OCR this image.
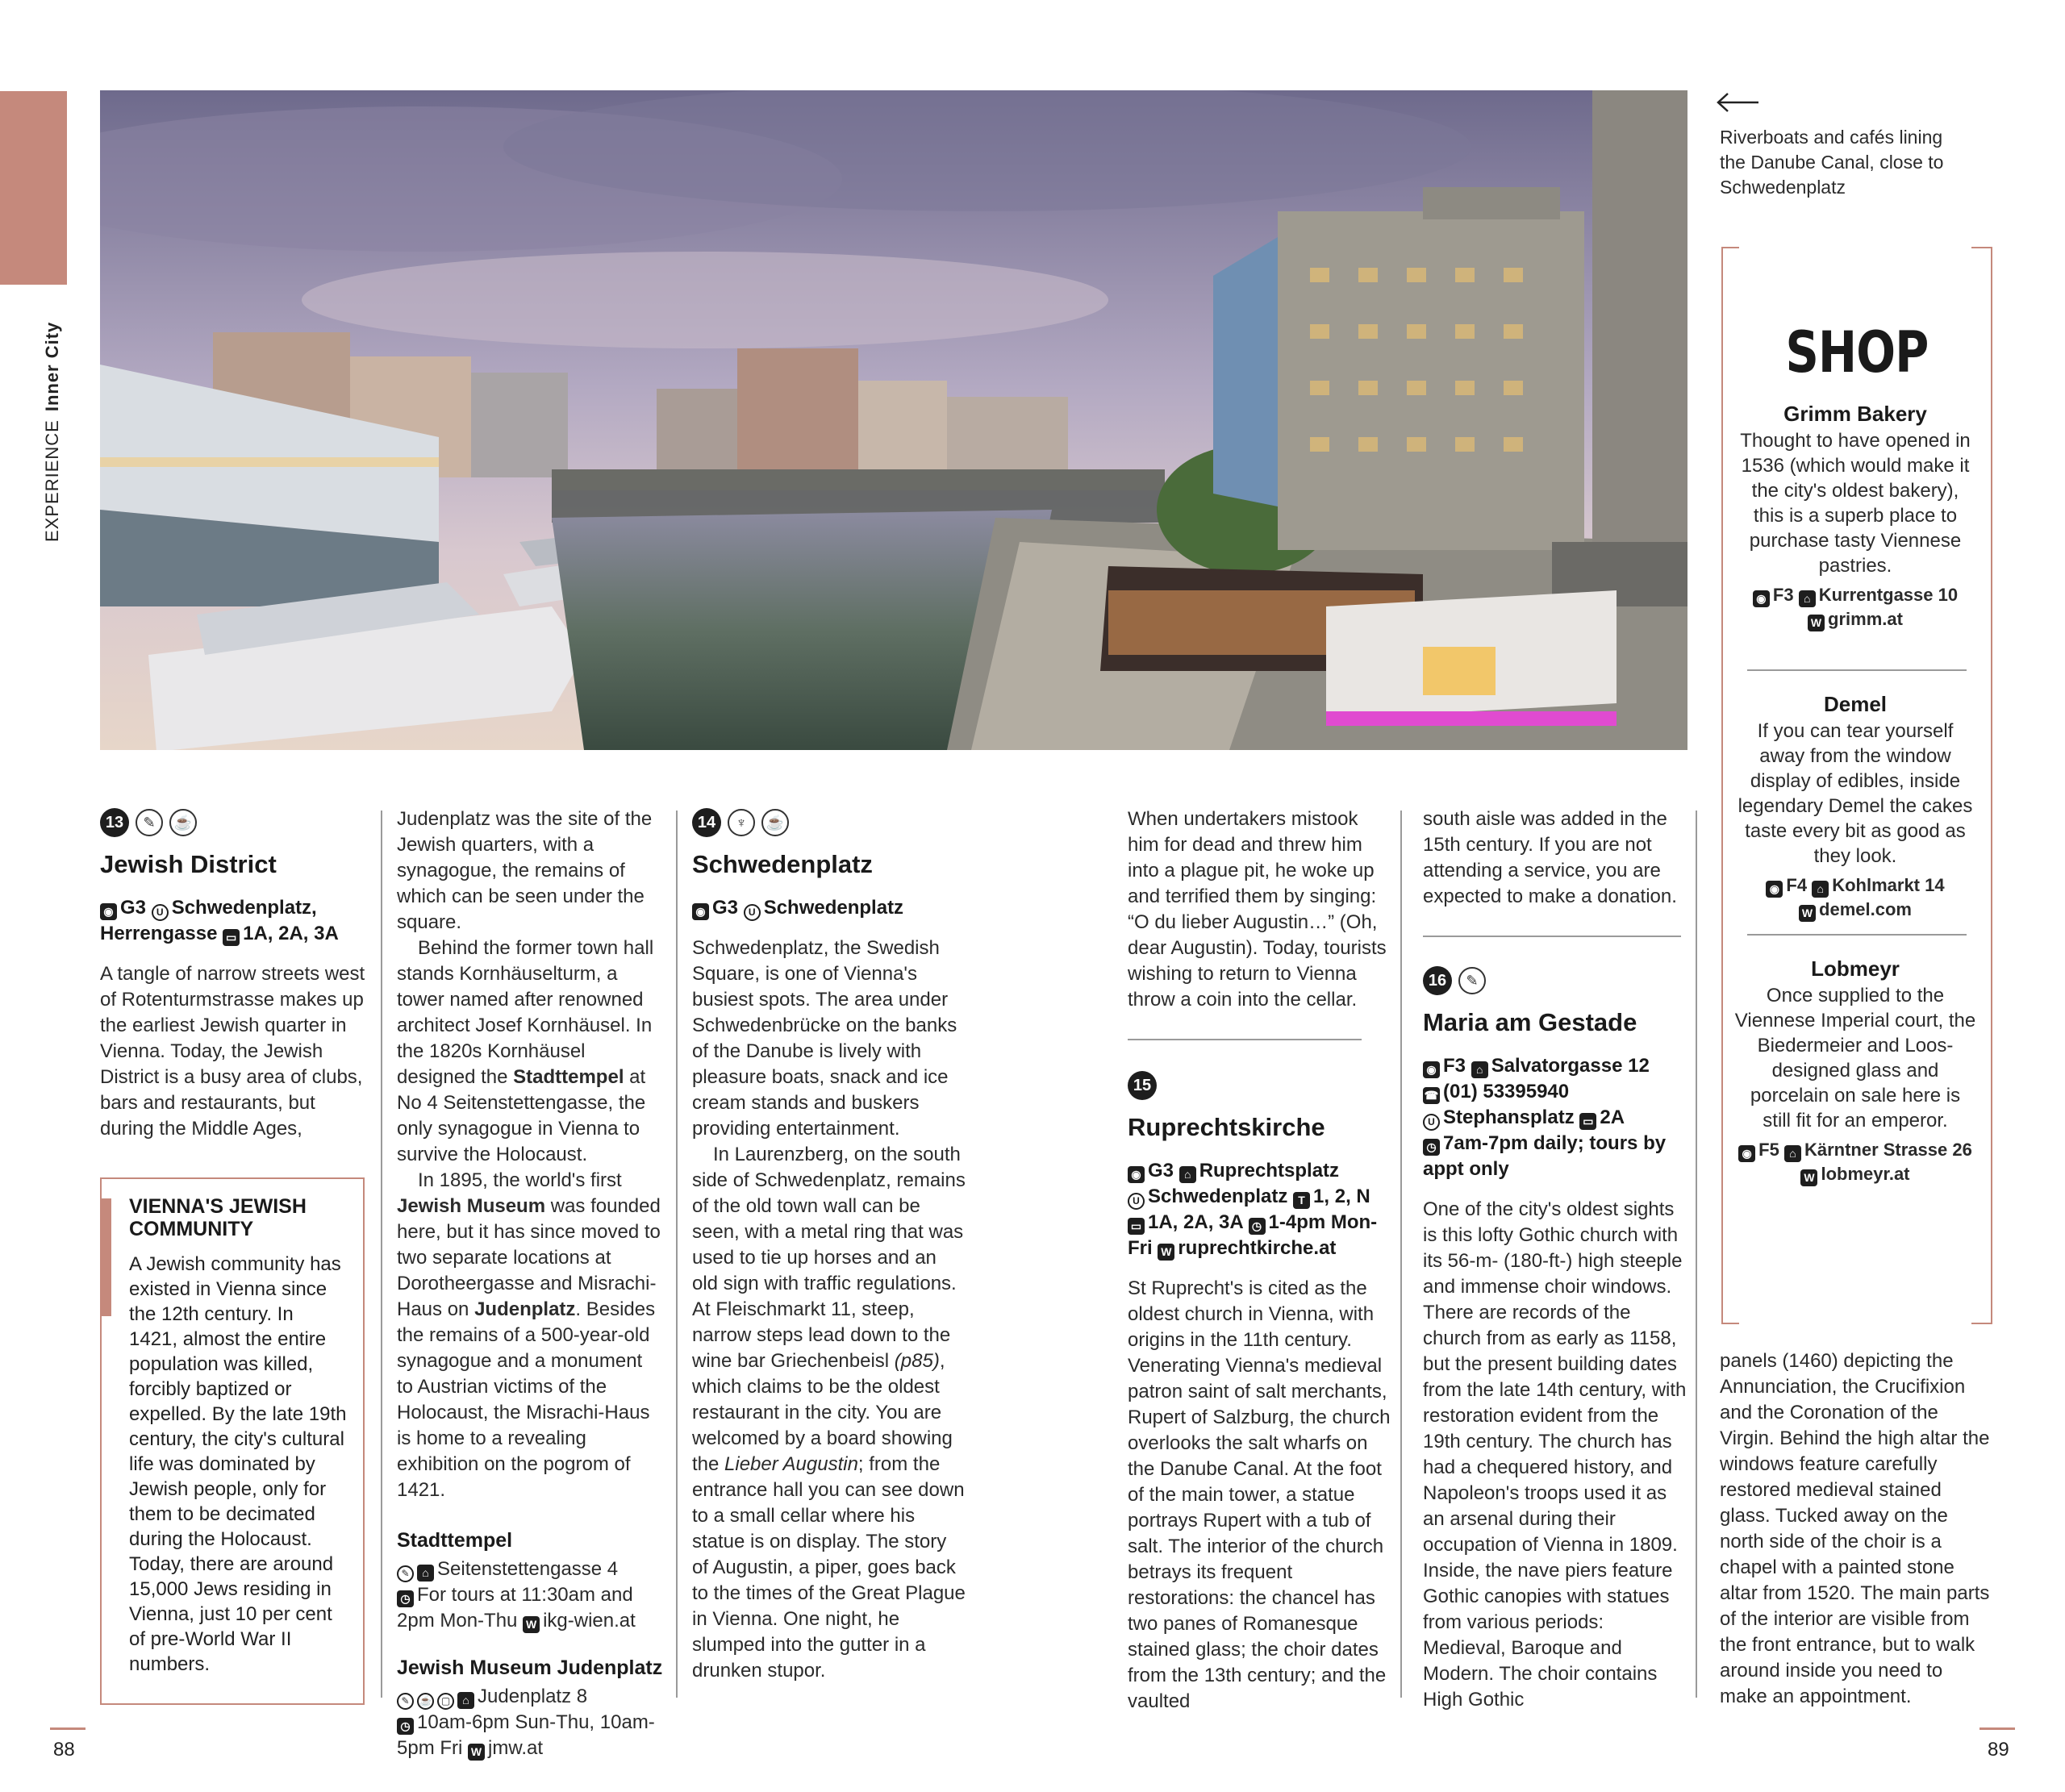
EXPERIENCEInner City
Riverboats and cafés lining the Danube Canal, close to Schwedenplatz
13	✎	☕
Jewish District
◉ G3 U Schwedenplatz, Herrengasse ▭ 1A, 2A, 3A

A tangle of narrow streets west of Rotenturmstrasse makes up the earliest Jewish quarter in Vienna. Today, the Jewish District is a busy area of clubs, bars and restaurants, but during the Middle Ages,

VIENNA'S JEWISH COMMUNITY
A Jewish community has existed in Vienna since the 12th century. In 1421, almost the entire population was killed, forcibly baptized or expelled. By the late 19th century, the city's cultural life was dominated by Jewish people, only for them to be decimated during the Holocaust. Today, there are around 15,000 Jews residing in Vienna, just 10 per cent of pre-World War II numbers.

Judenplatz was the site of the Jewish quarters, with a synagogue, the remains of which can be seen under the square.

Behind the former town hall stands Kornhäuselturm, a tower named after renowned architect Josef Kornhäusel. In the 1820s Kornhäusel designed the Stadttempel at No 4 Seitenstettengasse, the only synagogue in Vienna to survive the Holocaust.

In 1895, the world's first Jewish Museum was founded here, but it has since moved to two separate locations at Dorotheergasse and Misrachi-Haus on Judenplatz. Besides the remains of a 500-year-old synagogue and a monument to Austrian victims of the Holocaust, the Misrachi-Haus is home to a revealing exhibition on the pogrom of 1421.

Stadttempel
✎ ⌂ Seitenstettengasse 4
◷ For tours at 11:30am and 2pm Mon-Thu W ikg-wien.at
Jewish Museum Judenplatz
✎ ☕ ▢ ⌂ Judenplatz 8
◷ 10am-6pm Sun-Thu, 10am-5pm Fri W jmw.at
14	♆	☕
Schwedenplatz
◉ G3 U Schwedenplatz

Schwedenplatz, the Swedish Square, is one of Vienna's busiest spots. The area under Schwedenbrücke on the banks of the Danube is lively with pleasure boats, snack and ice cream stands and buskers providing entertainment.

In Laurenzberg, on the south side of Schwedenplatz, remains of the old town wall can be seen, with a metal ring that was used to tie up horses and an old sign with traffic regulations. At Fleischmarkt 11, steep, narrow steps lead down to the wine bar Griechenbeisl (p85), which claims to be the oldest restaurant in the city. You are welcomed by a board showing the Lieber Augustin; from the entrance hall you can see down to a small cellar where his statue is on display. The story of Augustin, a piper, goes back to the times of the Great Plague in Vienna. One night, he slumped into the gutter in a drunken stupor.

When undertakers mistook him for dead and threw him into a plague pit, he woke up and terrified them by singing: “O du lieber Augustin…” (Oh, dear Augustin). Today, tourists wishing to return to Vienna throw a coin into the cellar.

15
Ruprechtskirche
◉ G3 ⌂ Ruprechtsplatz
U Schwedenplatz T 1, 2, N ▭ 1A, 2A, 3A ◷ 1-4pm Mon-Fri W ruprechtkirche.at

St Ruprecht's is cited as the oldest church in Vienna, with origins in the 11th century. Venerating Vienna's medieval patron saint of salt merchants, Rupert of Salzburg, the church overlooks the salt wharfs on the Danube Canal. At the foot of the main tower, a statue portrays Rupert with a tub of salt. The interior of the church betrays its frequent restorations: the chancel has two panes of Romanesque stained glass; the choir dates from the 13th century; and the vaulted

south aisle was added in the 15th century. If you are not attending a service, you are expected to make a donation.

16	✎
Maria am Gestade
◉ F3 ⌂ Salvatorgasse 12
☎ (01) 53395940
U Stephansplatz ▭ 2A
◷ 7am-7pm daily; tours by appt only

One of the city's oldest sights is this lofty Gothic church with its 56-m- (180-ft-) high steeple and immense choir windows. There are records of the church from as early as 1158, but the present building dates from the late 14th century, with restoration evident from the 19th century. The church has had a chequered history, and Napoleon's troops used it as an arsenal during their occupation of Vienna in 1809. Inside, the nave piers feature Gothic canopies with statues from various periods: Medieval, Baroque and Modern. The choir contains High Gothic

panels (1460) depicting the Annunciation, the Crucifixion and the Coronation of the Virgin. Behind the high altar the windows feature carefully restored medieval stained glass. Tucked away on the north side of the choir is a chapel with a painted stone altar from 1520. The main parts of the interior are visible from the front entrance, but to walk around inside you need to make an appointment.

SHOP
Grimm Bakery
Thought to have opened in 1536 (which would make it the city's oldest bakery), this is a superb place to purchase tasty Viennese pastries.
◉ F3 ⌂ Kurrentgasse 10
W grimm.at
Demel
If you can tear yourself away from the window display of edibles, inside legendary Demel the cakes taste every bit as good as they look.
◉ F4 ⌂ Kohlmarkt 14
W demel.com
Lobmeyr
Once supplied to the Viennese Imperial court, the Biedermeier and Loos-designed glass and porcelain on sale here is still fit for an emperor.
◉ F5 ⌂ Kärntner Strasse 26
W lobmeyr.at
88	89
